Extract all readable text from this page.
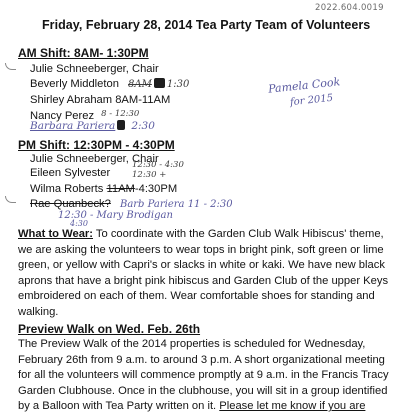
2022.604.0019
Friday, February 28, 2014 Tea Party Team of Volunteers
AM Shift: 8AM- 1:30PM
Julie Schneeberger, Chair
Beverly Middleton 8AM 1:30
Shirley Abraham 8AM-11AM
Nancy Perez $^{8 - 12:30}$
Barbara Pariera 2:30
Pamela Cook
for 2015
PM Shift: 12:30PM - 4:30PM
Julie Schneeberger, Chair
Eileen Sylvester
12:30 - 4:30
12:30 +
Wilma Roberts 11AM-4:30PM
Rae Quanbeck? Barb Pariera 11 - 2:30
12:30 - Mary Brodigan
4:30
What to Wear: To coordinate with the Garden Club Walk Hibiscus' theme, we are asking the volunteers to wear tops in bright pink, soft green or lime green, or yellow with Capri's or slacks in white or kaki. We have new black aprons that have a bright pink hibiscus and Garden Club of the upper Keys embroidered on each of them. Wear comfortable shoes for standing and walking.
Preview Walk on Wed. Feb. 26th
The Preview Walk of the 2014 properties is scheduled for Wednesday, February 26th from 9 a.m. to around 3 p.m. A short organizational meeting for all the volunteers will commence promptly at 9 a.m. in the Francis Tracy Garden Clubhouse. Once in the clubhouse, you will sit in a group identified by a Balloon with Tea Party written on it. Please let me know if you are
